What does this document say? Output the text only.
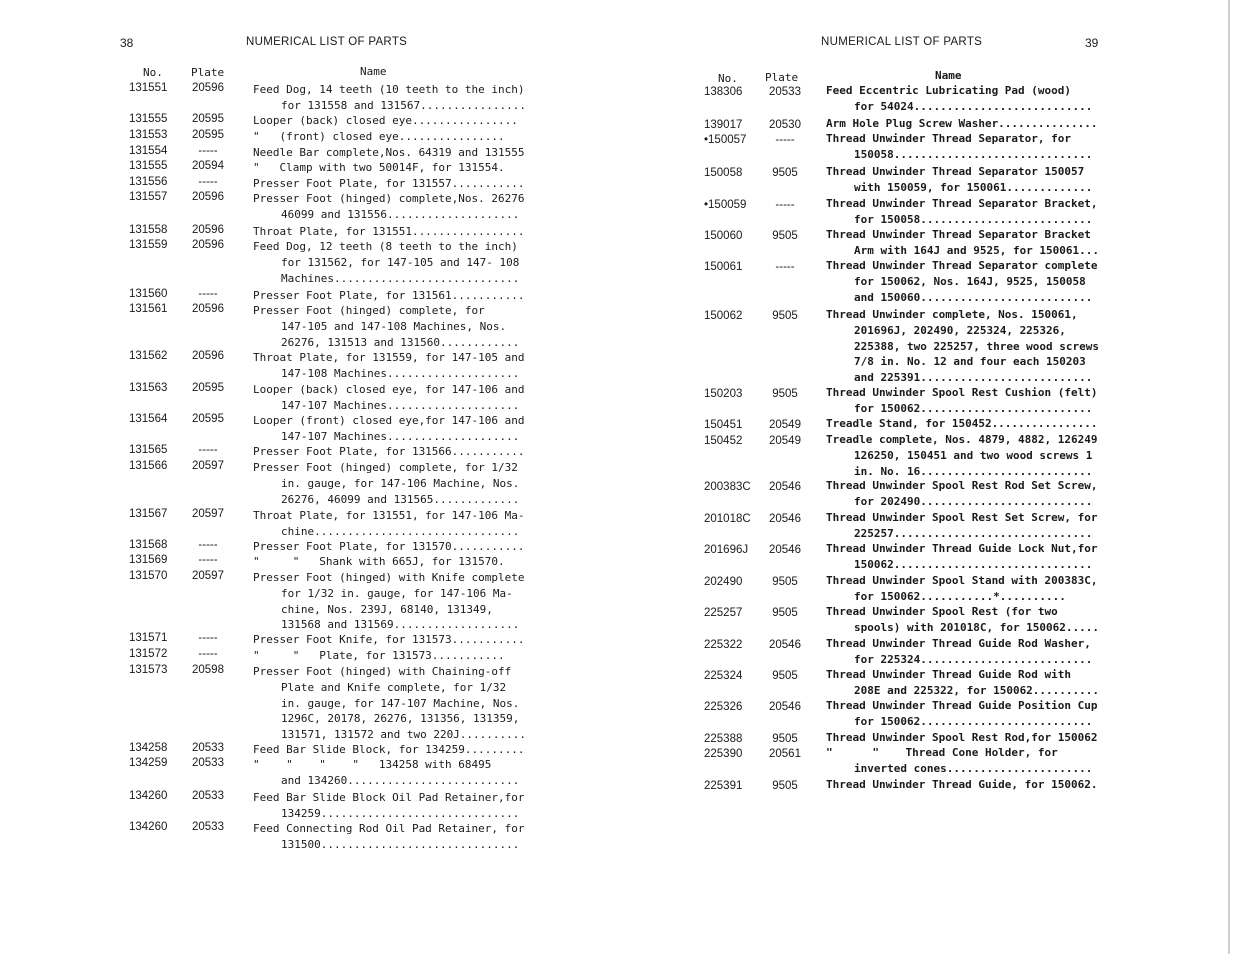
38	NUMERICAL LIST OF PARTS
No.	Plate	Name
131551	20596	Feed Dog, 14 teeth (10 teeth to the inch)
for 131558 and 131567................
131555	20595	Looper (back) closed eye................
131553	20595	"   (front) closed eye................
131554	-----	Needle Bar complete,Nos. 64319 and 131555
131555	20594	"   Clamp with two 50014F, for 131554.
131556	-----	Presser Foot Plate, for 131557...........
131557	20596	Presser Foot (hinged) complete,Nos. 26276
46099 and 131556....................
131558	20596	Throat Plate, for 131551.................
131559	20596	Feed Dog, 12 teeth (8 teeth to the inch)
for 131562, for 147-105 and 147- 108
Machines............................
131560	-----	Presser Foot Plate, for 131561...........
131561	20596	Presser Foot (hinged) complete, for
147-105 and 147-108 Machines, Nos.
26276, 131513 and 131560............
131562	20596	Throat Plate, for 131559, for 147-105 and
147-108 Machines....................
131563	20595	Looper (back) closed eye, for 147-106 and
147-107 Machines....................
131564	20595	Looper (front) closed eye,for 147-106 and
147-107 Machines....................
131565	-----	Presser Foot Plate, for 131566...........
131566	20597	Presser Foot (hinged) complete, for 1/32
in. gauge, for 147-106 Machine, Nos.
26276, 46099 and 131565.............
131567	20597	Throat Plate, for 131551, for 147-106 Ma-
chine...............................
131568	-----	Presser Foot Plate, for 131570...........
131569	-----	"     "   Shank with 665J, for 131570.
131570	20597	Presser Foot (hinged) with Knife complete
for 1/32 in. gauge, for 147-106 Ma-
chine, Nos. 239J, 68140, 131349,
131568 and 131569...................
131571	-----	Presser Foot Knife, for 131573...........
131572	-----	"     "   Plate, for 131573...........
131573	20598	Presser Foot (hinged) with Chaining-off
Plate and Knife complete, for 1/32
in. gauge, for 147-107 Machine, Nos.
1296C, 20178, 26276, 131356, 131359,
131571, 131572 and two 220J..........
134258	20533	Feed Bar Slide Block, for 134259.........
134259	20533	"    "    "    "   134258 with 68495
and 134260..........................
134260	20533	Feed Bar Slide Block Oil Pad Retainer,for
134259..............................
134260	20533	Feed Connecting Rod Oil Pad Retainer, for
131500..............................
NUMERICAL LIST OF PARTS	39
No. Plate	Name
138306	20533	Feed Eccentric Lubricating Pad (wood)
for 54024...........................
139017	20530	Arm Hole Plug Screw Washer...............
•150057	-----	Thread Unwinder Thread Separator, for
150058..............................
150058	9505	Thread Unwinder Thread Separator 150057
with 150059, for 150061.............
•150059	-----	Thread Unwinder Thread Separator Bracket,
for 150058..........................
150060	9505	Thread Unwinder Thread Separator Bracket
Arm with 164J and 9525, for 150061...
150061	-----	Thread Unwinder Thread Separator complete
for 150062, Nos. 164J, 9525, 150058
and 150060..........................
150062	9505	Thread Unwinder complete, Nos. 150061,
201696J, 202490, 225324, 225326,
225388, two 225257, three wood screws
7/8 in. No. 12 and four each 150203
and 225391..........................
150203	9505	Thread Unwinder Spool Rest Cushion (felt)
for 150062..........................
150451	20549	Treadle Stand, for 150452................
150452	20549	Treadle complete, Nos. 4879, 4882, 126249
126250, 150451 and two wood screws 1
in. No. 16..........................
200383C	20546	Thread Unwinder Spool Rest Rod Set Screw,
for 202490..........................
201018C	20546	Thread Unwinder Spool Rest Set Screw, for
225257..............................
201696J	20546	Thread Unwinder Thread Guide Lock Nut,for
150062..............................
202490	9505	Thread Unwinder Spool Stand with 200383C,
for 150062...........*..........
225257	9505	Thread Unwinder Spool Rest (for two
spools) with 201018C, for 150062.....
225322	20546	Thread Unwinder Thread Guide Rod Washer,
for 225324..........................
225324	9505	Thread Unwinder Thread Guide Rod with
208E and 225322, for 150062..........
225326	20546	Thread Unwinder Thread Guide Position Cup
for 150062..........................
225388	9505	Thread Unwinder Spool Rest Rod,for 150062
225390	20561	"      "    Thread Cone Holder, for
inverted cones......................
225391	9505	Thread Unwinder Thread Guide, for 150062.
